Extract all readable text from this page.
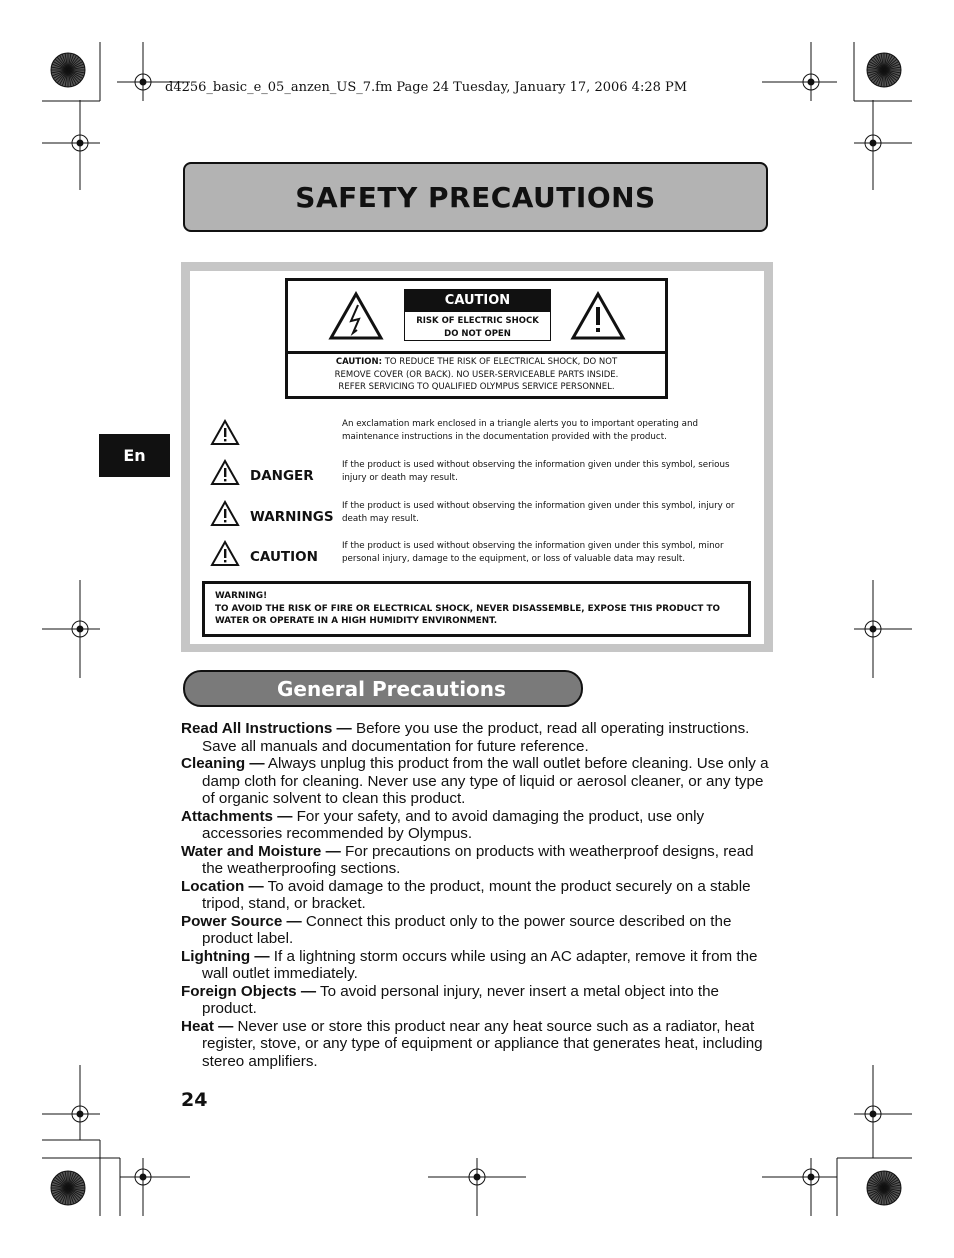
d4256_basic_e_05_anzen_US_7.fm Page 24 Tuesday, January 17, 2006 4:28 PM
SAFETY PRECAUTIONS
En
CAUTION
RISK OF ELECTRIC SHOCK
DO NOT OPEN
CAUTION: TO REDUCE THE RISK OF ELECTRICAL SHOCK, DO NOT
REMOVE COVER (OR BACK). NO USER-SERVICEABLE PARTS INSIDE.
REFER SERVICING TO QUALIFIED OLYMPUS SERVICE PERSONNEL.
An exclamation mark enclosed in a triangle alerts you to important operating and maintenance instructions in the documentation provided with the product.
DANGER
If the product is used without observing the information given under this symbol, serious injury or death may result.
WARNINGS
If the product is used without observing the information given under this symbol, injury or death may result.
CAUTION
If the product is used without observing the information given under this symbol, minor personal injury, damage to the equipment, or loss of valuable data may result.
WARNING!
TO AVOID THE RISK OF FIRE OR ELECTRICAL SHOCK, NEVER DISASSEMBLE, EXPOSE THIS PRODUCT TO WATER OR OPERATE IN A HIGH HUMIDITY ENVIRONMENT.
General Precautions

Read All Instructions — Before you use the product, read all operating instructions. Save all manuals and documentation for future reference.

Cleaning — Always unplug this product from the wall outlet before cleaning. Use only a damp cloth for cleaning. Never use any type of liquid or aerosol cleaner, or any type of organic solvent to clean this product.

Attachments — For your safety, and to avoid damaging the product, use only accessories recommended by Olympus.

Water and Moisture — For precautions on products with weatherproof designs, read the weatherproofing sections.

Location — To avoid damage to the product, mount the product securely on a stable tripod, stand, or bracket.

Power Source — Connect this product only to the power source described on the product label.

Lightning — If a lightning storm occurs while using an AC adapter, remove it from the wall outlet immediately.

Foreign Objects — To avoid personal injury, never insert a metal object into the product.

Heat — Never use or store this product near any heat source such as a radiator, heat register, stove, or any type of equipment or appliance that generates heat, including stereo amplifiers.

24
